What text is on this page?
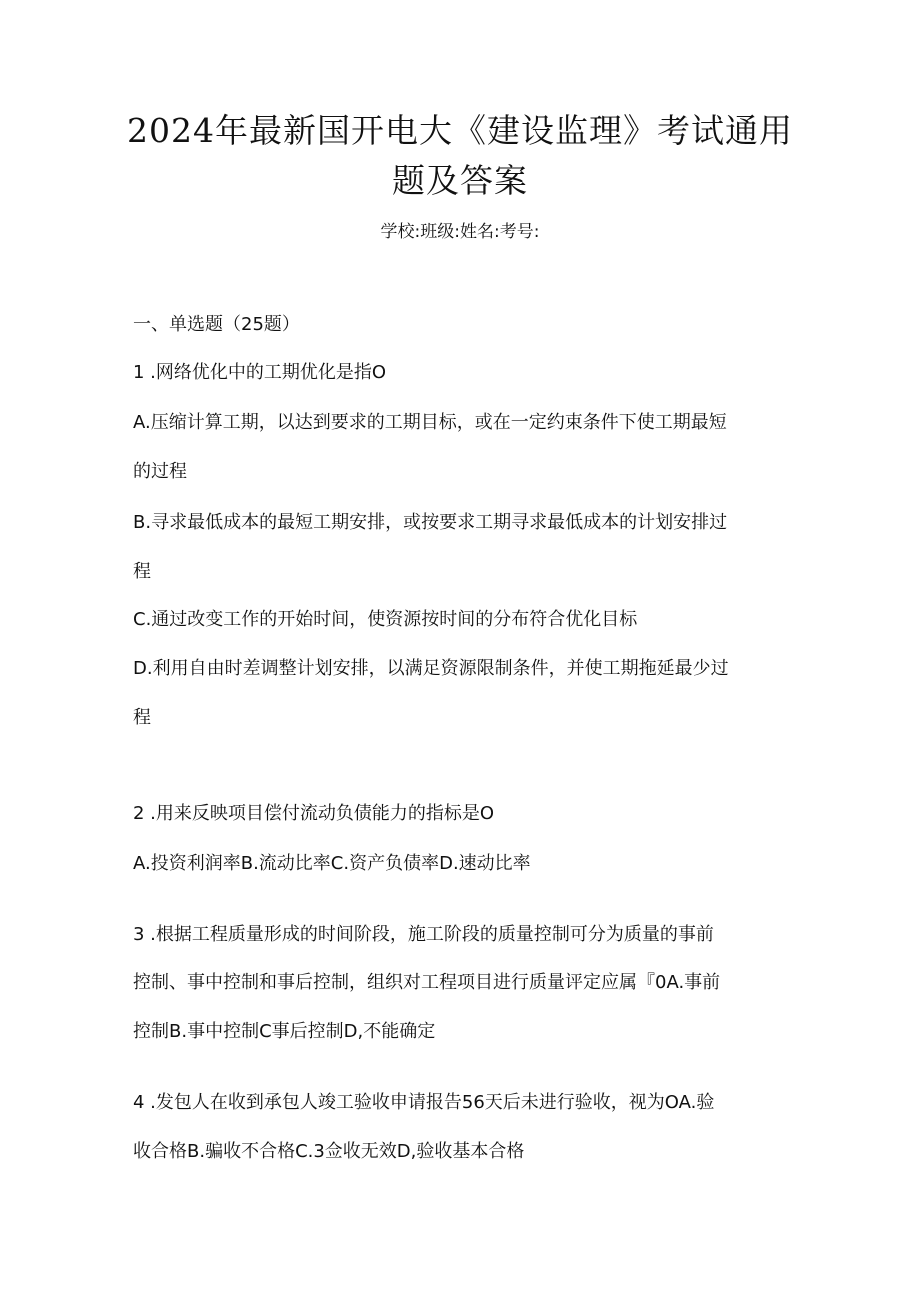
2024年最新国开电大《建设监理》考试通用
题及答案
学校:班级:姓名:考号:
一、单选题（25题）
1 .网络优化中的工期优化是指O
A.压缩计算工期，以达到要求的工期目标，或在一定约束条件下使工期最短
的过程
B.寻求最低成本的最短工期安排，或按要求工期寻求最低成本的计划安排过
程
C.通过改变工作的开始时间，使资源按时间的分布符合优化目标
D.利用自由时差调整计划安排，以满足资源限制条件，并使工期拖延最少过
程
2 .用来反映项目偿付流动负债能力的指标是O
A.投资利润率B.流动比率C.资产负债率D.速动比率
3 .根据工程质量形成的时间阶段，施工阶段的质量控制可分为质量的事前
控制、事中控制和事后控制，组织对工程项目进行质量评定应属『0A.事前
控制B.事中控制C事后控制D,不能确定
4 .发包人在收到承包人竣工验收申请报告56天后未进行验收，视为OA.验
收合格B.骗收不合格C.3佥收无效D,验收基本合格
